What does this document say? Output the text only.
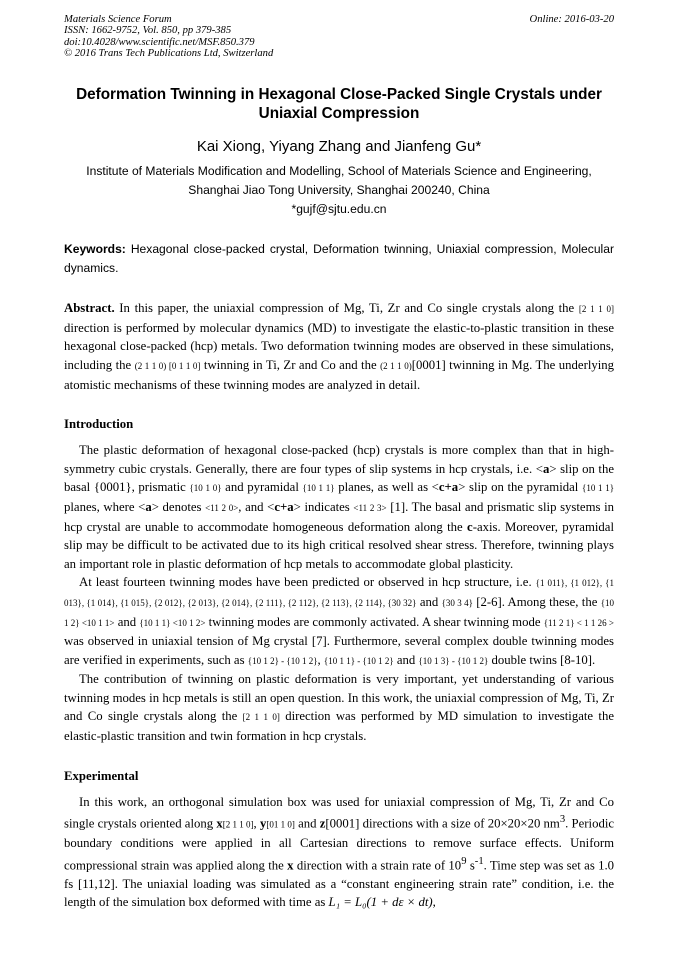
Materials Science Forum
ISSN: 1662-9752, Vol. 850, pp 379-385
doi:10.4028/www.scientific.net/MSF.850.379
© 2016 Trans Tech Publications Ltd, Switzerland
Online: 2016-03-20
Deformation Twinning in Hexagonal Close-Packed Single Crystals under Uniaxial Compression
Kai Xiong, Yiyang Zhang and Jianfeng Gu*
Institute of Materials Modification and Modelling, School of Materials Science and Engineering,
Shanghai Jiao Tong University, Shanghai 200240, China
*gujf@sjtu.edu.cn
Keywords: Hexagonal close-packed crystal, Deformation twinning, Uniaxial compression, Molecular dynamics.

Abstract. In this paper, the uniaxial compression of Mg, Ti, Zr and Co single crystals along the [2 1 1 0] direction is performed by molecular dynamics (MD) to investigate the elastic-to-plastic transition in these hexagonal close-packed (hcp) metals. Two deformation twinning modes are observed in these simulations, including the (2 1 1 0) [0 1 1 0] twinning in Ti, Zr and Co and the (2 1 1 0)[0001] twinning in Mg. The underlying atomistic mechanisms of these twinning modes are analyzed in detail.

Introduction

The plastic deformation of hexagonal close-packed (hcp) crystals is more complex than that in high-symmetry cubic crystals. Generally, there are four types of slip systems in hcp crystals, i.e. <a> slip on the basal {0001}, prismatic {10 1 0} and pyramidal {10 1 1} planes, as well as <c+a> slip on the pyramidal {10 1 1} planes, where <a> denotes <11 2 0>, and <c+a> indicates <11 2 3> [1]. The basal and prismatic slip systems in hcp crystal are unable to accommodate homogeneous deformation along the c-axis. Moreover, pyramidal slip may be difficult to be activated due to its high critical resolved shear stress. Therefore, twinning plays an important role in plastic deformation of hcp metals to accommodate global plasticity.

At least fourteen twinning modes have been predicted or observed in hcp structure, i.e. {1 011}, {1 012}, {1 013}, {1 014}, {1 015}, {2 012}, {2 013}, {2 014}, {2 111}, {2 112}, {2 113}, {2 114}, {30 32} and {30 3 4} [2-6]. Among these, the {10 1 2} <10 1 1> and {10 1 1} <10 1 2> twinning modes are commonly activated. A shear twinning mode {11 2 1} < 1 1 26 > was observed in uniaxial tension of Mg crystal [7]. Furthermore, several complex double twinning modes are verified in experiments, such as {10 1 2} - {10 1 2}, {10 1 1} - {10 1 2} and {10 1 3} - {10 1 2} double twins [8-10].

The contribution of twinning on plastic deformation is very important, yet understanding of various twinning modes in hcp metals is still an open question. In this work, the uniaxial compression of Mg, Ti, Zr and Co single crystals along the [2 1 1 0] direction was performed by MD simulation to investigate the elastic-plastic transition and twin formation in hcp crystals.

Experimental

In this work, an orthogonal simulation box was used for uniaxial compression of Mg, Ti, Zr and Co single crystals oriented along x[2 1 1 0], y[01 1 0] and z[0001] directions with a size of 20×20×20 $nm^3$. Periodic boundary conditions were applied in all Cartesian directions to remove surface effects. Uniform compressional strain was applied along the x direction with a strain rate of $10^9$ $s^{-1}$. Time step was set as 1.0 fs [11,12]. The uniaxial loading was simulated as a “constant engineering strain rate” condition, i.e. the length of the simulation box deformed with time as L₁ = L₀(1 + dε × dt),
